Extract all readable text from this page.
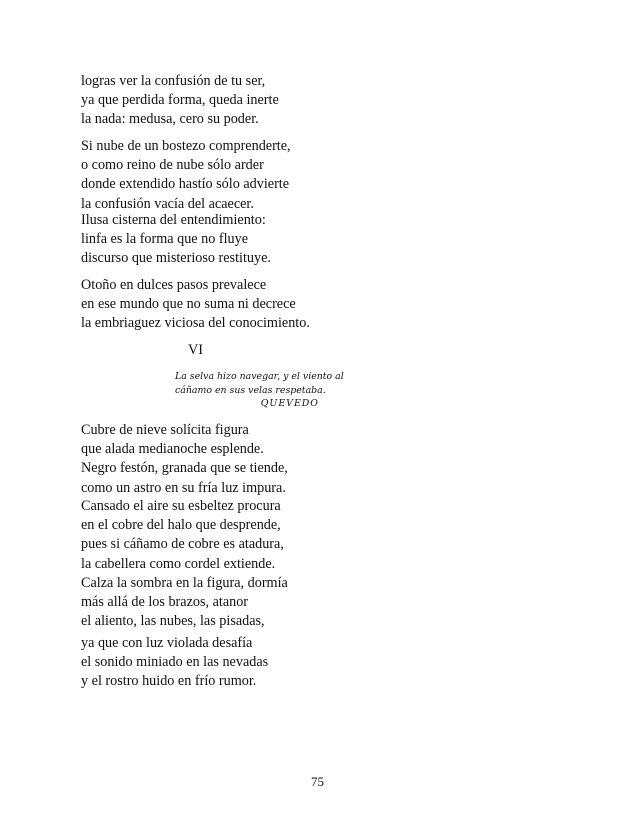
logras ver la confusión de tu ser,
ya que perdida forma, queda inerte
la nada: medusa, cero su poder.
Si nube de un bostezo comprenderte,
o como reino de nube sólo arder
donde extendido hastío sólo advierte
la confusión vacía del acaecer.
Ilusa cisterna del entendimiento:
linfa es la forma que no fluye
discurso que misterioso restituye.
Otoño en dulces pasos prevalece
en ese mundo que no suma ni decrece
la embriaguez viciosa del conocimiento.
VI
La selva hizo navegar, y el viento al
cáñamo en sus velas respetaba.
QUEVEDO
Cubre de nieve solícita figura
que alada medianoche esplende.
Negro festón, granada que se tiende,
como un astro en su fría luz impura.
Cansado el aire su esbeltez procura
en el cobre del halo que desprende,
pues si cáñamo de cobre es atadura,
la cabellera como cordel extiende.
Calza la sombra en la figura, dormía
más allá de los brazos, atanor
el aliento, las nubes, las pisadas,
ya que con luz violada desafía
el sonido miniado en las nevadas
y el rostro huido en frío rumor.
75
